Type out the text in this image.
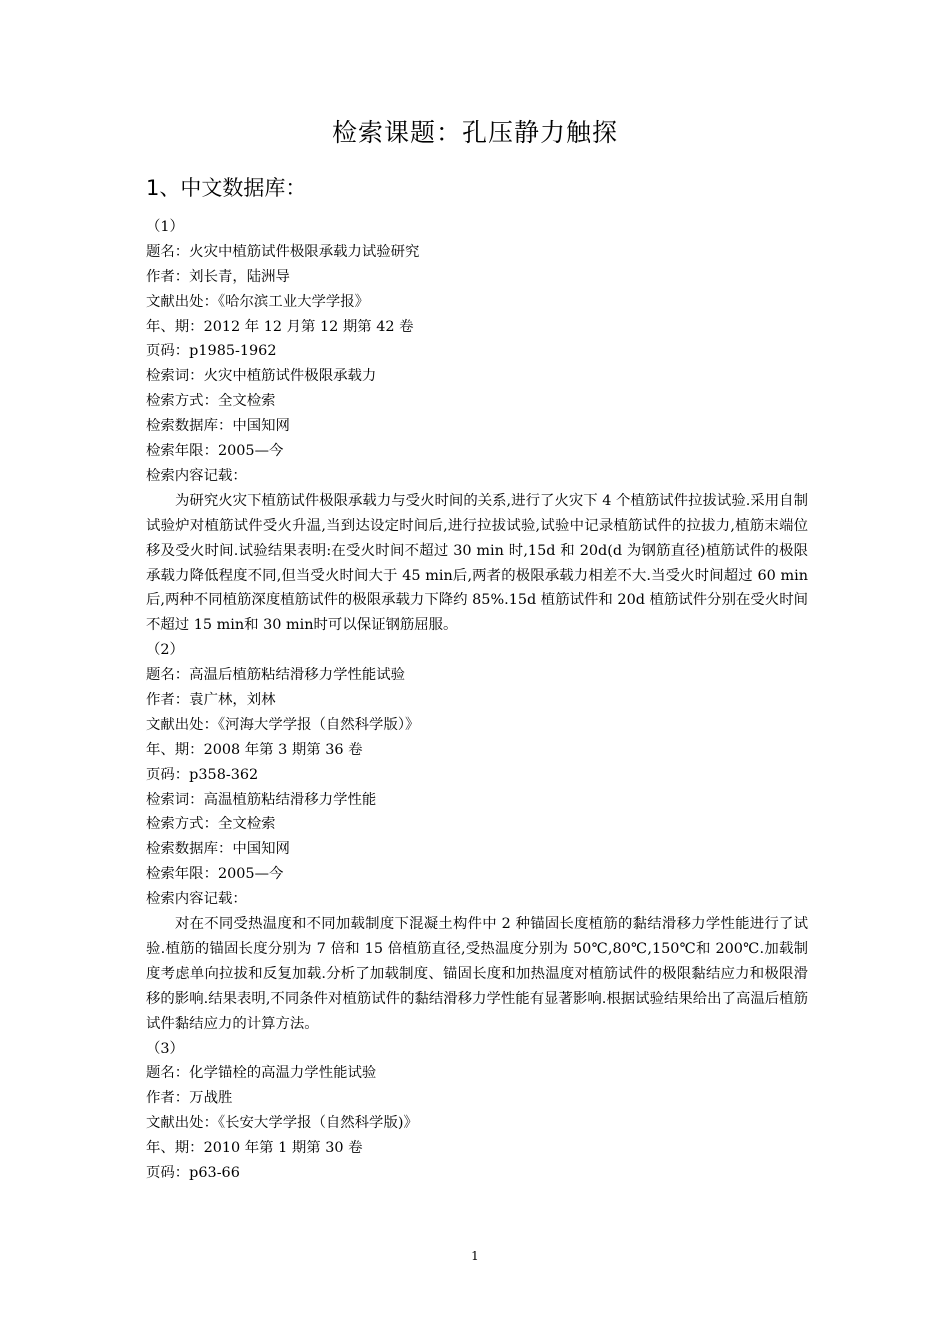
检索课题：孔压静力触探
1、中文数据库：
（1）
题名：火灾中植筋试件极限承载力试验研究
作者：刘长青，陆洲导
文献出处：《哈尔滨工业大学学报》
年、期：2012 年 12 月第 12 期第 42 卷
页码：p1985-1962
检索词：火灾中植筋试件极限承载力
检索方式：全文检索
检索数据库：中国知网
检索年限：2005—今
检索内容记载：

为研究火灾下植筋试件极限承载力与受火时间的关系,进行了火灾下 4 个植筋试件拉拔试验.采用自制试验炉对植筋试件受火升温,当到达设定时间后,进行拉拔试验,试验中记录植筋试件的拉拔力,植筋末端位移及受火时间.试验结果表明:在受火时间不超过 30 min 时,15d 和 20d(d 为钢筋直径)植筋试件的极限承载力降低程度不同,但当受火时间大于 45 min后,两者的极限承载力相差不大.当受火时间超过 60 min后,两种不同植筋深度植筋试件的极限承载力下降约 85%.15d 植筋试件和 20d 植筋试件分别在受火时间不超过 15 min和 30 min时可以保证钢筋屈服。

（2）
题名：高温后植筋粘结滑移力学性能试验
作者：袁广林，刘林
文献出处：《河海大学学报（自然科学版）》
年、期：2008 年第 3 期第 36 卷
页码：p358-362
检索词：高温植筋粘结滑移力学性能
检索方式：全文检索
检索数据库：中国知网
检索年限：2005—今
检索内容记载：

对在不同受热温度和不同加载制度下混凝土构件中 2 种锚固长度植筋的黏结滑移力学性能进行了试验.植筋的锚固长度分别为 7 倍和 15 倍植筋直径,受热温度分别为 50℃,80℃,150℃和 200℃.加载制度考虑单向拉拔和反复加载.分析了加载制度、锚固长度和加热温度对植筋试件的极限黏结应力和极限滑移的影响.结果表明,不同条件对植筋试件的黏结滑移力学性能有显著影响.根据试验结果给出了高温后植筋试件黏结应力的计算方法。

（3）
题名：化学锚栓的高温力学性能试验
作者：万战胜
文献出处：《长安大学学报（自然科学版)》
年、期：2010 年第 1 期第 30 卷
页码：p63-66
1
